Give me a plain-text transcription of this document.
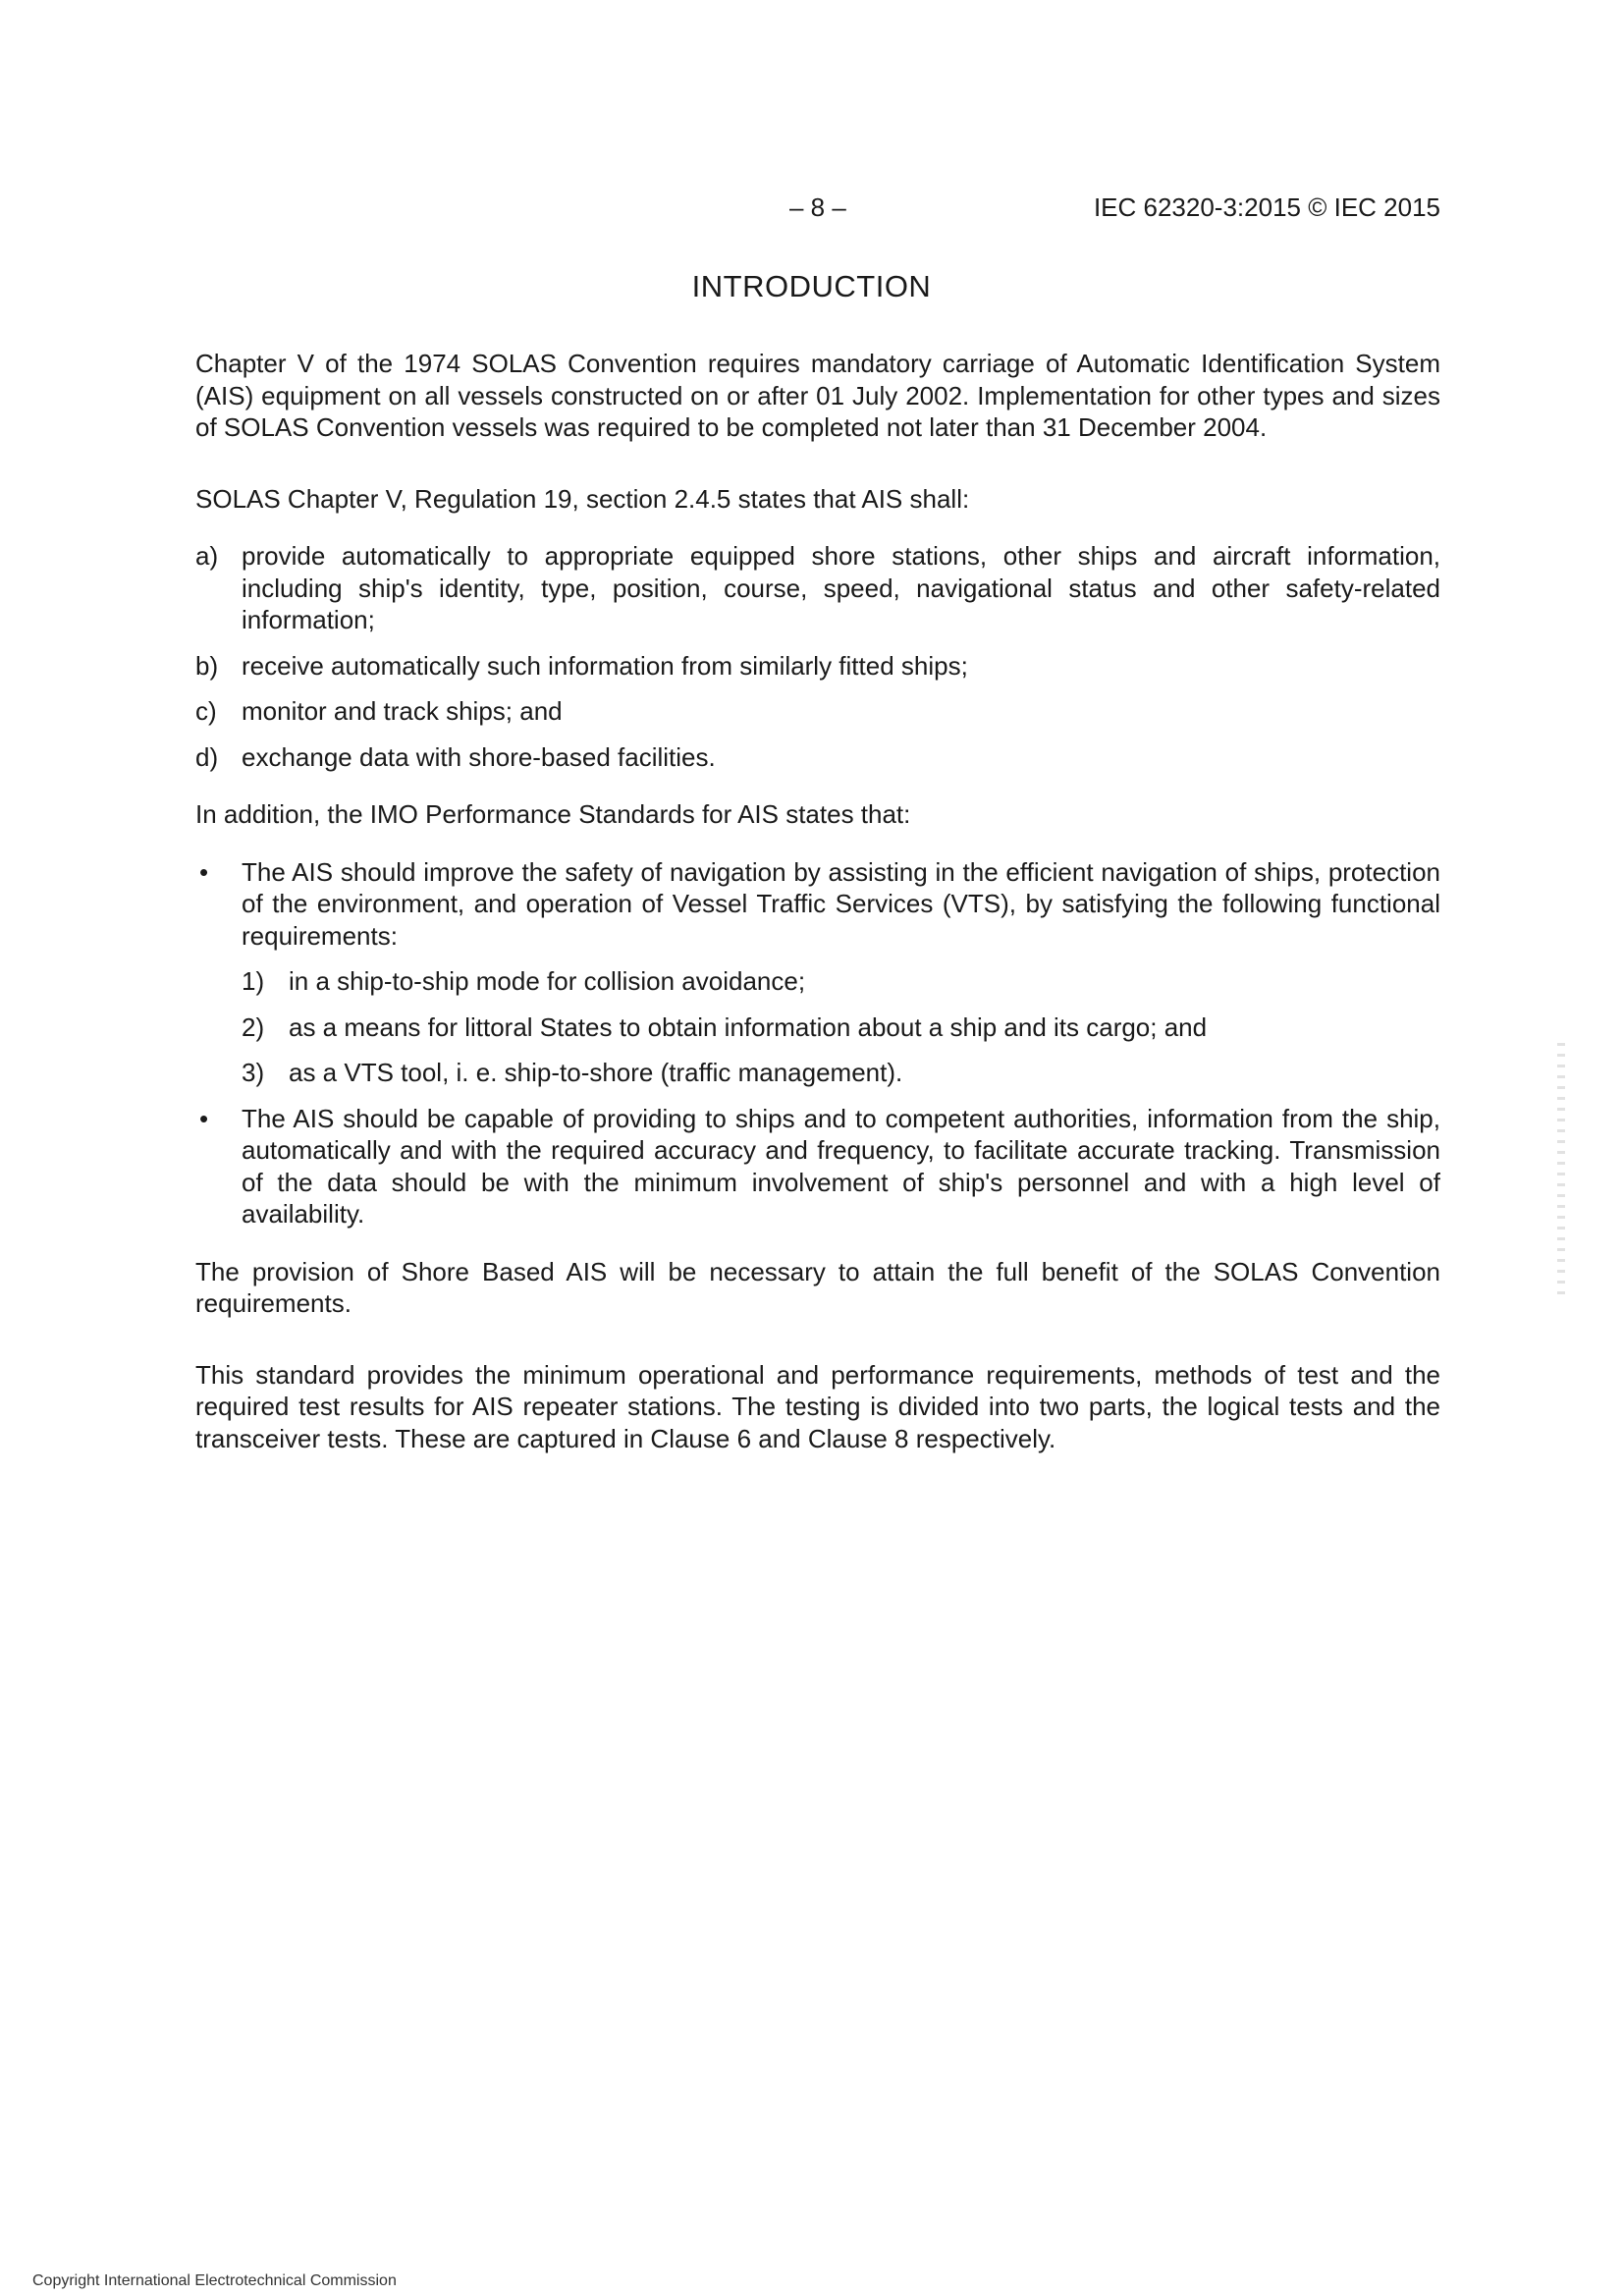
– 8 –	IEC 62320-3:2015 © IEC 2015
INTRODUCTION

Chapter V of the 1974 SOLAS Convention requires mandatory carriage of Automatic Identification System (AIS) equipment on all vessels constructed on or after 01 July 2002. Implementation for other types and sizes of SOLAS Convention vessels was required to be completed not later than 31 December 2004.

SOLAS Chapter V, Regulation 19, section 2.4.5 states that AIS shall:

a) provide automatically to appropriate equipped shore stations, other ships and aircraft information, including ship's identity, type, position, course, speed, navigational status and other safety-related information;
b) receive automatically such information from similarly fitted ships;
c) monitor and track ships; and
d) exchange data with shore-based facilities.

In addition, the IMO Performance Standards for AIS states that:

• The AIS should improve the safety of navigation by assisting in the efficient navigation of ships, protection of the environment, and operation of Vessel Traffic Services (VTS), by satisfying the following functional requirements:
1) in a ship-to-ship mode for collision avoidance;
2) as a means for littoral States to obtain information about a ship and its cargo; and
3) as a VTS tool, i. e. ship-to-shore (traffic management).
• The AIS should be capable of providing to ships and to competent authorities, information from the ship, automatically and with the required accuracy and frequency, to facilitate accurate tracking. Transmission of the data should be with the minimum involvement of ship's personnel and with a high level of availability.

The provision of Shore Based AIS will be necessary to attain the full benefit of the SOLAS Convention requirements.

This standard provides the minimum operational and performance requirements, methods of test and the required test results for AIS repeater stations. The testing is divided into two parts, the logical tests and the transceiver tests. These are captured in Clause 6 and Clause 8 respectively.

Copyright International Electrotechnical Commission
